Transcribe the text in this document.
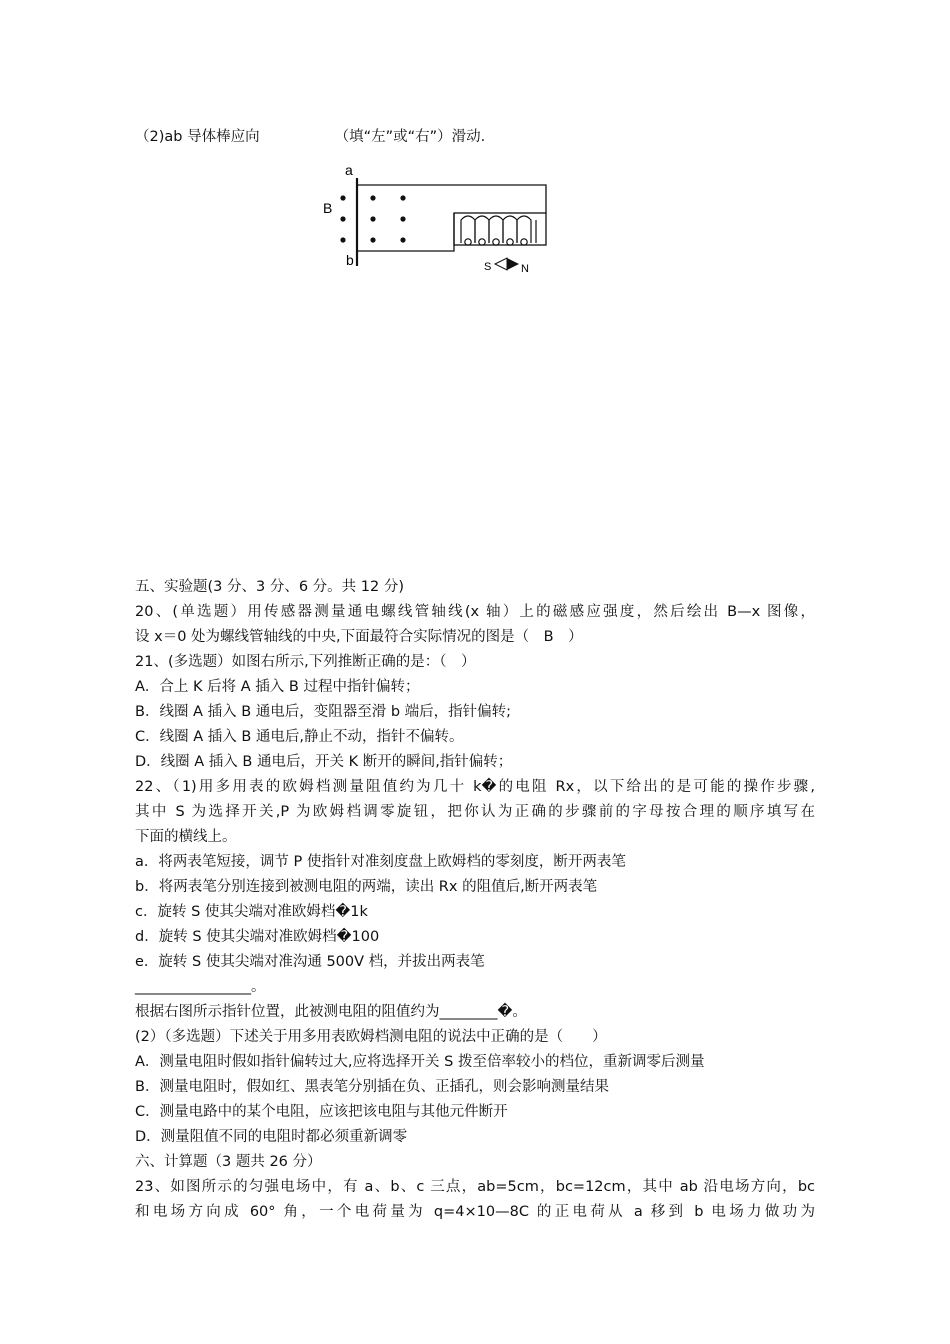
（2)ab 导体棒应向	（填“左”或“右”）滑动.
a
B
b	S	N
五、实验题(3 分、3 分、6 分。共 12 分)
20、(单选题）用传感器测量通电螺线管轴线(x 轴）上的磁感应强度，然后绘出 B—x 图像，
设 x＝0 处为螺线管轴线的中央,下面最符合实际情况的图是（　B　）
21、(多选题）如图右所示,下列推断正确的是：（　）
A．合上 K 后将 A 插入 B 过程中指针偏转；
B．线圈 A 插入 B 通电后，变阻器至滑 b 端后，指针偏转;
C．线圈 A 插入 B 通电后,静止不动，指针不偏转。
D．线圈 A 插入 B 通电后，开关 K 断开的瞬间,指针偏转；
22、（1)用多用表的欧姆档测量阻值约为几十 k�的电阻 Rx，以下给出的是可能的操作步骤,
其中 S 为选择开关,P 为欧姆档调零旋钮，把你认为正确的步骤前的字母按合理的顺序填写在
下面的横线上。
a．将两表笔短接，调节 P 使指针对准刻度盘上欧姆档的零刻度，断开两表笔
b．将两表笔分别连接到被测电阻的两端，读出 Rx 的阻值后,断开两表笔
c．旋转 S 使其尖端对准欧姆档�1k
d．旋转 S 使其尖端对准欧姆档�100
e．旋转 S 使其尖端对准沟通 500V 档，并拔出两表笔
________________。
根据右图所示指针位置，此被测电阻的阻值约为________�。
(2）（多选题）下述关于用多用表欧姆档测电阻的说法中正确的是（　　）
A．测量电阻时假如指针偏转过大,应将选择开关 S 拨至倍率较小的档位，重新调零后测量
B．测量电阻时，假如红、黑表笔分别插在负、正插孔，则会影响测量结果
C．测量电路中的某个电阻，应该把该电阻与其他元件断开
D．测量阻值不同的电阻时都必须重新调零
六、计算题（3 题共 26 分）
23、如图所示的匀强电场中，有 a、b、c 三点，ab=5cm，bc=12cm，其中 ab 沿电场方向，bc
和电场方向成 60° 角，一个电荷量为 q=4×10—8C 的正电荷从 a 移到 b 电场力做功为
